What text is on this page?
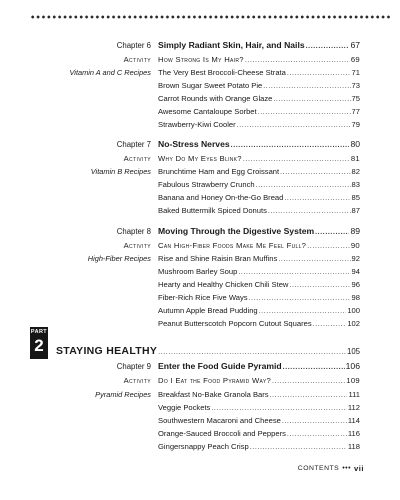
Chapter 6 Simply Radiant Skin, Hair, and Nails .....	67
Activity How Strong Is My Hair? .....	69
Vitamin A and C Recipes The Very Best Broccoli-Cheese Strata .....	71
Brown Sugar Sweet Potato Pie .....	73
Carrot Rounds with Orange Glaze .....	75
Awesome Cantaloupe Sorbet .....	77
Strawberry-Kiwi Cooler .....	79
Chapter 7 No-Stress Nerves .....	80
Activity Why Do My Eyes Blink? .....	81
Vitamin B Recipes Brunchtime Ham and Egg Croissant .....	82
Fabulous Strawberry Crunch .....	83
Banana and Honey On-the-Go Bread .....	85
Baked Buttermilk Spiced Donuts .....	87
Chapter 8 Moving Through the Digestive System .....	89
Activity Can High-Fiber Foods Make Me Feel Full? .....	90
High-Fiber Recipes Rise and Shine Raisin Bran Muffins .....	92
Mushroom Barley Soup .....	94
Hearty and Healthy Chicken Chili Stew .....	96
Fiber-Rich Rice Five Ways .....	98
Autumn Apple Bread Pudding .....	100
Peanut Butterscotch Popcorn Cutout Squares .....	102
PART
2	STAYING HEALTHY .....	105
Chapter 9 Enter the Food Guide Pyramid .....	106
Activity Do I Eat the Food Pyramid Way? .....	109
Pyramid Recipes Breakfast No-Bake Granola Bars .....	111
Veggie Pockets .....	112
Southwestern Macaroni and Cheese .....	114
Orange-Sauced Broccoli and Peppers .....	116
Gingersnappy Peach Crisp .....	118
CONTENTS ••• vii
